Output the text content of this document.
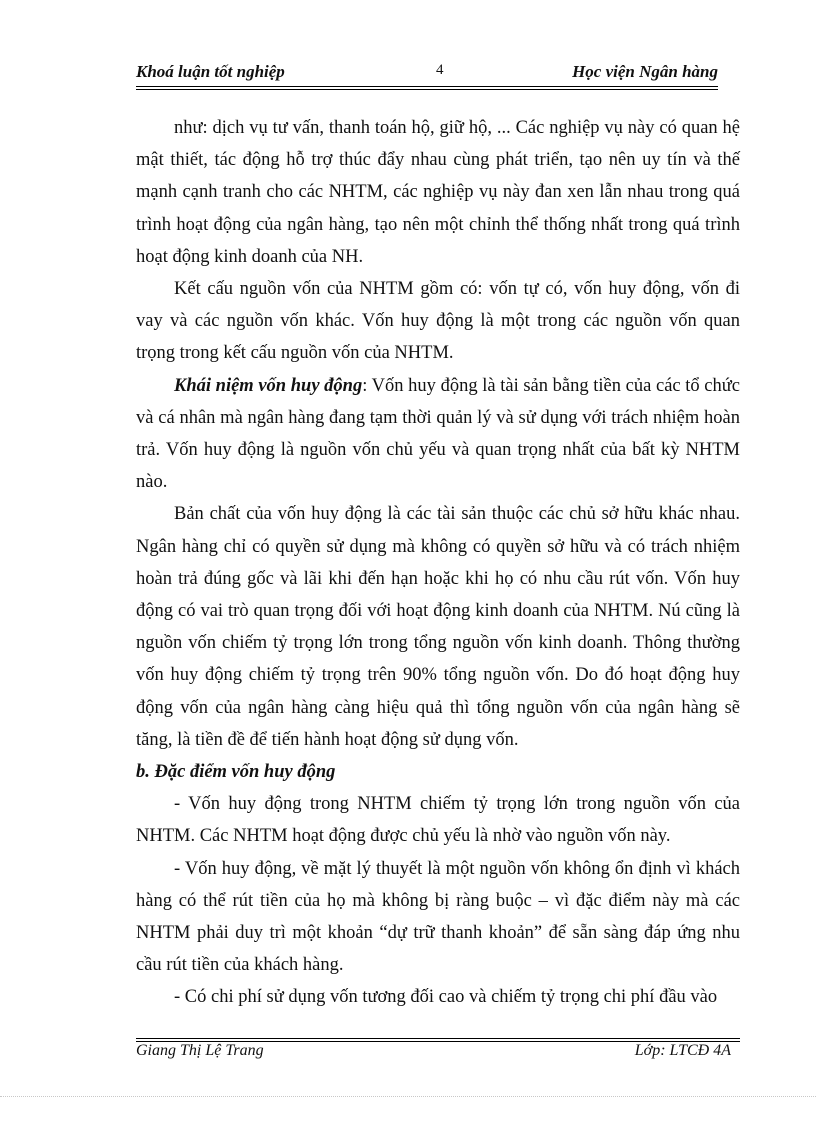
Khoá luận tốt nghiệp	4	Học viện Ngân hàng

như: dịch vụ tư vấn, thanh toán hộ, giữ hộ, ... Các nghiệp vụ này có quan hệ mật thiết, tác động hỗ trợ thúc đẩy nhau cùng phát triển, tạo nên uy tín và thế mạnh cạnh tranh cho các NHTM, các nghiệp vụ này đan xen lẫn nhau trong quá trình hoạt động của ngân hàng, tạo nên một chỉnh thể thống nhất trong quá trình hoạt động kinh doanh của NH.

Kết cấu nguồn vốn của NHTM gồm có: vốn tự có, vốn huy động, vốn đi vay và các nguồn vốn khác. Vốn huy động là một trong các nguồn vốn quan trọng trong kết cấu nguồn vốn của NHTM.

Khái niệm vốn huy động: Vốn huy động là tài sản bằng tiền của các tổ chức và cá nhân mà ngân hàng đang tạm thời quản lý và sử dụng với trách nhiệm hoàn trả. Vốn huy động là nguồn vốn chủ yếu và quan trọng nhất của bất kỳ NHTM nào.

Bản chất của vốn huy động là các tài sản thuộc các chủ sở hữu khác nhau. Ngân hàng chỉ có quyền sử dụng mà không có quyền sở hữu và có trách nhiệm hoàn trả đúng gốc và lãi khi đến hạn hoặc khi họ có nhu cầu rút vốn. Vốn huy động có vai trò quan trọng đối với hoạt động kinh doanh của NHTM. Nú cũng là nguồn vốn chiếm tỷ trọng lớn trong tổng nguồn vốn kinh doanh. Thông thường vốn huy động chiếm tỷ trọng trên 90% tổng nguồn vốn. Do đó hoạt động huy động vốn của ngân hàng càng hiệu quả thì tổng nguồn vốn của ngân hàng sẽ tăng, là tiền đề để tiến hành hoạt động sử dụng vốn.

b. Đặc điểm vốn huy động

- Vốn huy động trong NHTM chiếm tỷ trọng lớn trong nguồn vốn của NHTM. Các NHTM hoạt động được chủ yếu là nhờ vào nguồn vốn này.

- Vốn huy động, về mặt lý thuyết là một nguồn vốn không ổn định vì khách hàng có thể rút tiền của họ mà không bị ràng buộc – vì đặc điểm này mà các NHTM phải duy trì một khoản “dự trữ thanh khoản” để sẵn sàng đáp ứng nhu cầu rút tiền của khách hàng.

- Có chi phí sử dụng vốn tương đối cao và chiếm tỷ trọng chi phí đầu vào

Giang Thị Lệ Trang	Lớp: LTCĐ 4A
